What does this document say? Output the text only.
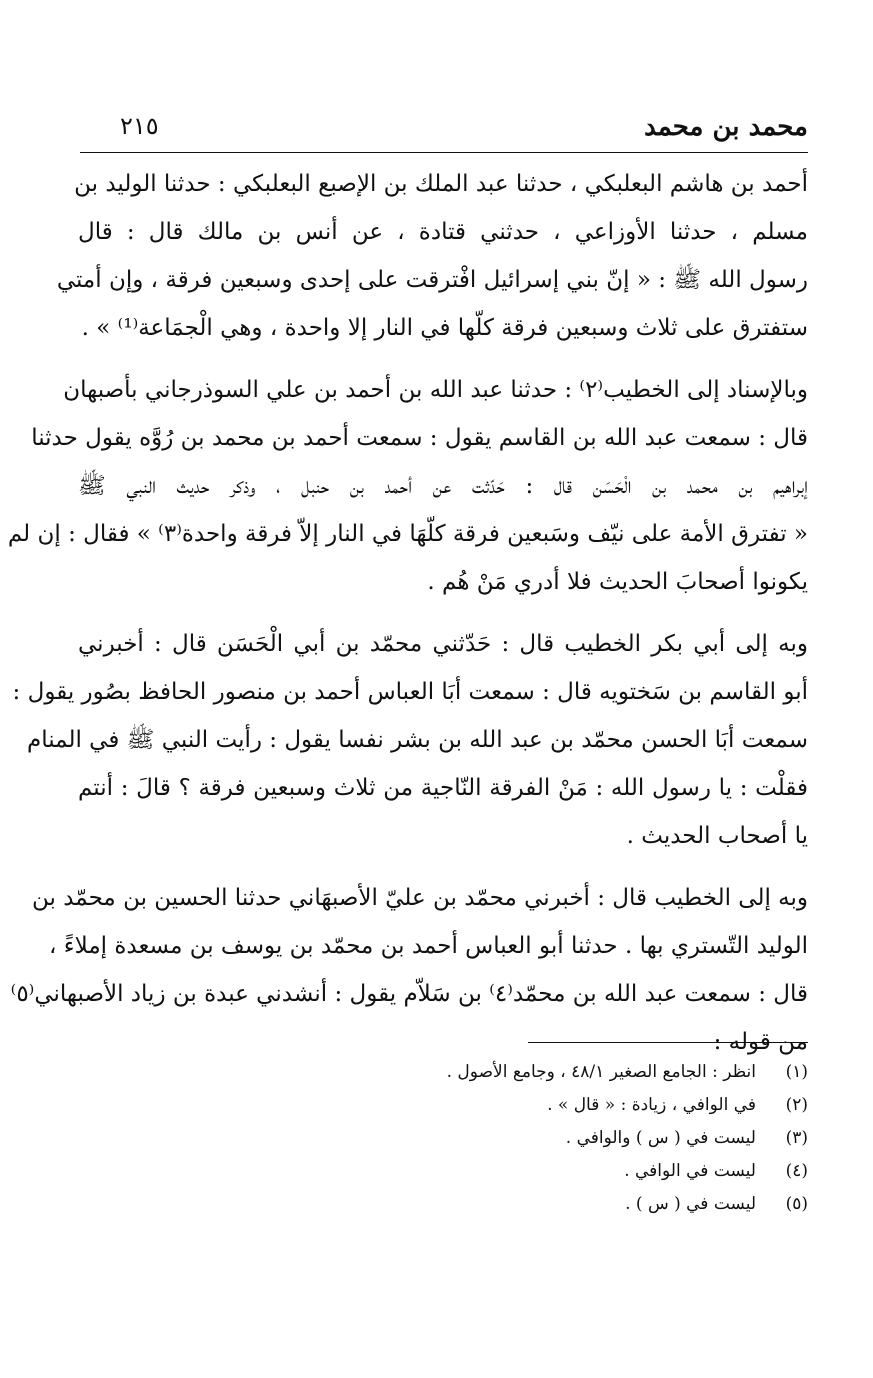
محمد بن محمد
٢١٥
أحمد بن هاشم البعلبكي ، حدثنا عبد الملك بن الإصبع البعلبكي : حدثنا الوليد بن
مسلم ، حدثنا الأوزاعي ، حدثني قتادة ، عن أنس بن مالك قال : قال
رسول الله ﷺ : « إنّ بني إسرائيل افْترقت على إحدى وسبعين فرقة ، وإن أمتي
ستفترق على ثلاث وسبعين فرقة كلّها في النار إلا واحدة ، وهي الْجمَاعة⁽¹⁾ » .
وبالإسناد إلى الخطيب⁽٢⁾ : حدثنا عبد الله بن أحمد بن علي السوذرجاني بأصبهان
قال : سمعت عبد الله بن القاسم يقول : سمعت أحمد بن محمد بن رُوَّه يقول حدثنا
إبراهيم بن محمد بن الْحَسَن قال : حَدّثت عن أحمد بن حنبل ، وذكر حديث النبي ﷺ
« تفترق الأمة على نيّف وسَبعين فرقة كلّهَا في النار إلاّ فرقة واحدة⁽٣⁾ » فقال : إن لم
يكونوا أصحابَ الحديث فلا أدري مَنْ هُم .
وبه إلى أبي بكر الخطيب قال : حَدّثني محمّد بن أبي الْحَسَن قال : أخبرني
أبو القاسم بن سَختويه قال : سمعت أبَا العباس أحمد بن منصور الحافظ بصُور يقول :
سمعت أبَا الحسن محمّد بن عبد الله بن بشر نفسا يقول : رأيت النبي ﷺ في المنام
فقلْت : يا رسول الله : مَنْ الفرقة النّاجية من ثلاث وسبعين فرقة ؟ قالَ : أنتم
يا أصحاب الحديث .
وبه إلى الخطيب قال : أخبرني محمّد بن عليّ الأصبهَاني حدثنا الحسين بن محمّد بن
الوليد التّستري بها . حدثنا أبو العباس أحمد بن محمّد بن يوسف بن مسعدة إملاءً ،
قال : سمعت عبد الله بن محمّد⁽٤⁾ بن سَلاّم يقول : أنشدني عبدة بن زياد الأصبهاني⁽٥⁾
من قوله :
(١)
انظر : الجامع الصغير ٤٨/١ ، وجامع الأصول .
(٢)
في الوافي ، زيادة : « قال » .
(٣)
ليست في ( س ) والوافي .
(٤)
ليست في الوافي .
(٥)
ليست في ( س ) .
